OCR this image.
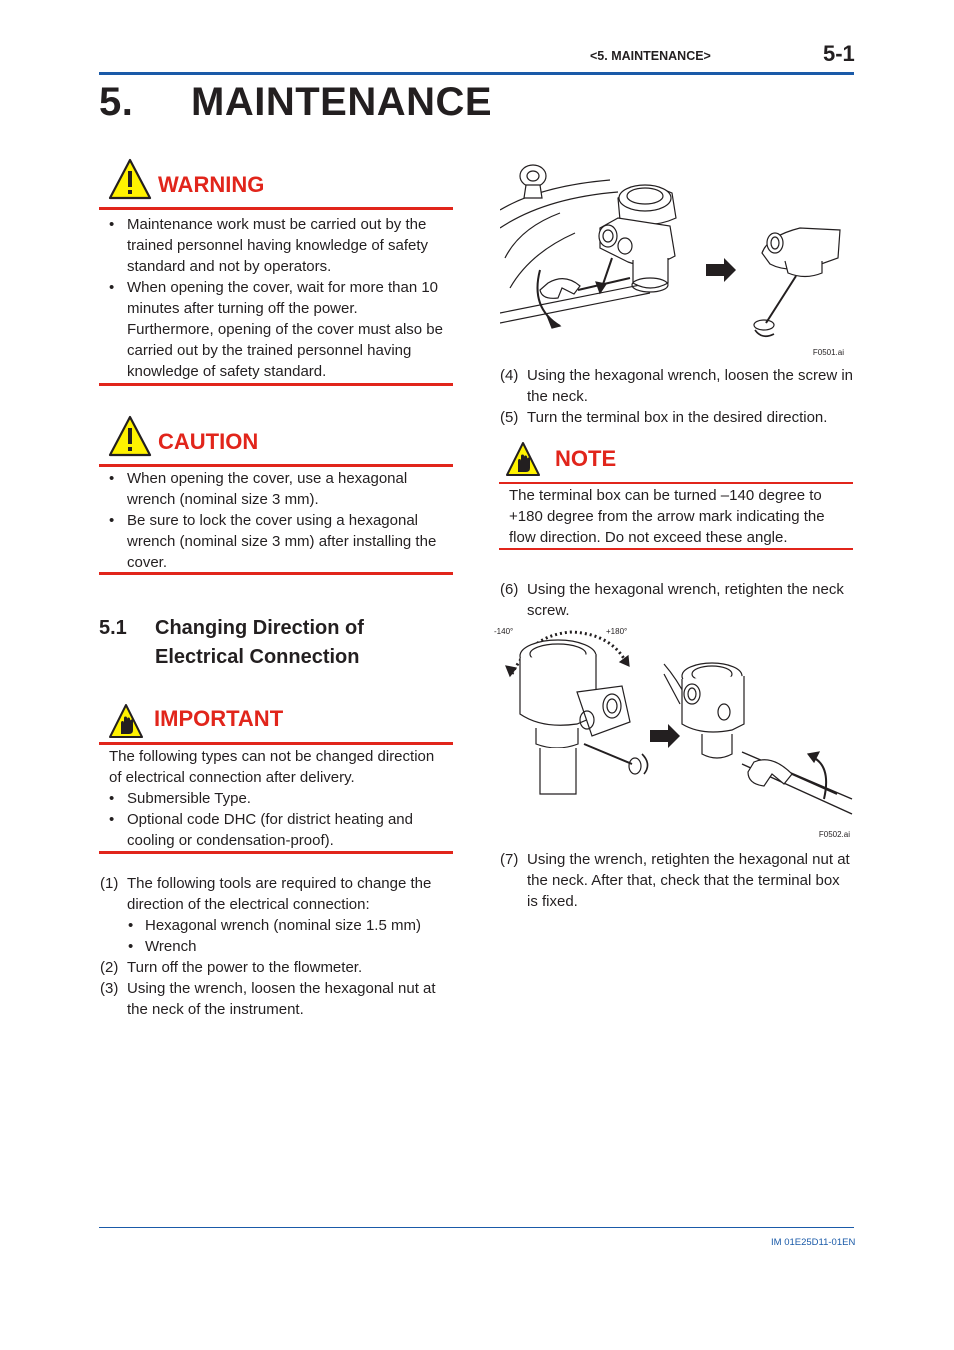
<5. MAINTENANCE>	5-1
5. MAINTENANCE
WARNING
• Maintenance work must be carried out by the trained personnel having knowledge of safety standard and not by operators.
• When opening the cover, wait for more than 10 minutes after turning off the power. Furthermore, opening of the cover must also be carried out by the trained personnel having knowledge of safety standard.
CAUTION
• When opening the cover, use a hexagonal wrench (nominal size 3 mm).
• Be sure to lock the cover using a hexagonal wrench (nominal size 3 mm) after installing the cover.
5.1 Changing Direction of
Electrical Connection
IMPORTANT
The following types can not be changed direction of electrical connection after delivery.
• Submersible Type.
• Optional code DHC (for district heating and cooling or condensation-proof).
(1) The following tools are required to change the direction of the electrical connection:
• Hexagonal wrench (nominal size 1.5 mm)
• Wrench
(2) Turn off the power to the flowmeter.
(3) Using the wrench, loosen the hexagonal nut at the neck of the instrument.
F0501.ai
(4) Using the hexagonal wrench, loosen the screw in the neck.
(5) Turn the terminal box in the desired direction.
NOTE
The terminal box can be turned –140 degree to +180 degree from the arrow mark indicating the flow direction. Do not exceed these angle.
(6) Using the hexagonal wrench, retighten the neck screw.
-140°	+180°
F0502.ai
(7) Using the wrench, retighten the hexagonal nut at the neck. After that, check that the terminal box is fixed.
IM 01E25D11-01EN
